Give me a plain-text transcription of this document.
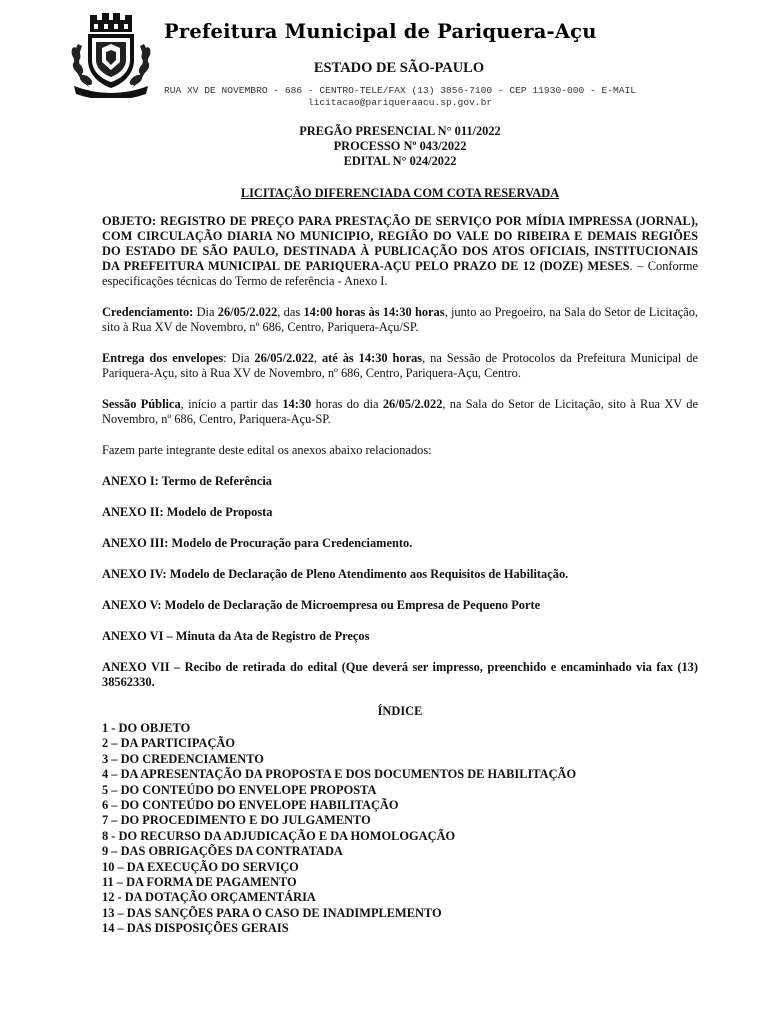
Prefeitura Municipal de Pariquera-Açu
ESTADO DE SÃO-PAULO
RUA XV DE NOVEMBRO - 686 - CENTRO-TELE/FAX (13) 3856-7100 - CEP 11930-000 - E-MAIL
licitacao@pariqueraacu.sp.gov.br
PREGÃO PRESENCIAL N° 011/2022
PROCESSO Nº 043/2022
EDITAL N° 024/2022
LICITAÇÃO DIFERENCIADA COM COTA RESERVADA

OBJETO: REGISTRO DE PREÇO PARA PRESTAÇÃO DE SERVIÇO POR MÍDIA IMPRESSA (JORNAL), COM CIRCULAÇÃO DIARIA NO MUNICIPIO, REGIÃO DO VALE DO RIBEIRA E DEMAIS REGIÕES DO ESTADO DE SÃO PAULO, DESTINADA À PUBLICAÇÃO DOS ATOS OFICIAIS, INSTITUCIONAIS DA PREFEITURA MUNICIPAL DE PARIQUERA-AÇU PELO PRAZO DE 12 (DOZE) MESES. – Conforme especificações técnicas do Termo de referência - Anexo I.

Credenciamento: Dia 26/05/2.022, das 14:00 horas às 14:30 horas, junto ao Pregoeiro, na Sala do Setor de Licitação, sito à Rua XV de Novembro, nº 686, Centro, Pariquera-Açu/SP.

Entrega dos envelopes: Dia 26/05/2.022, até às 14:30 horas, na Sessão de Protocolos da Prefeitura Municipal de Pariquera-Açu, sito à Rua XV de Novembro, nº 686, Centro, Pariquera-Açu, Centro.

Sessão Pública, início a partir das 14:30 horas do dia 26/05/2.022, na Sala do Setor de Licitação, sito à Rua XV de Novembro, nº 686, Centro, Pariquera-Açu-SP.

Fazem parte integrante deste edital os anexos abaixo relacionados:

ANEXO I: Termo de Referência
ANEXO II: Modelo de Proposta
ANEXO III: Modelo de Procuração para Credenciamento.
ANEXO IV: Modelo de Declaração de Pleno Atendimento aos Requisitos de Habilitação.
ANEXO V: Modelo de Declaração de Microempresa ou Empresa de Pequeno Porte
ANEXO VI – Minuta da Ata de Registro de Preços
ANEXO VII – Recibo de retirada do edital (Que deverá ser impresso, preenchido e encaminhado via fax (13) 38562330.
ÍNDICE
1 - DO OBJETO
2 – DA PARTICIPAÇÃO
3 – DO CREDENCIAMENTO
4 – DA APRESENTAÇÃO DA PROPOSTA E DOS DOCUMENTOS DE HABILITAÇÃO
5 – DO CONTEÚDO DO ENVELOPE PROPOSTA
6 – DO CONTEÚDO DO ENVELOPE HABILITAÇÃO
7 – DO PROCEDIMENTO E DO JULGAMENTO
8 - DO RECURSO DA ADJUDICAÇÃO E DA HOMOLOGAÇÃO
9 – DAS OBRIGAÇÕES DA CONTRATADA
10 – DA EXECUÇÃO DO SERVIÇO
11 – DA FORMA DE PAGAMENTO
12 - DA DOTAÇÃO ORÇAMENTÁRIA
13 – DAS SANÇÕES PARA O CASO DE INADIMPLEMENTO
14 – DAS DISPOSIÇÕES GERAIS
